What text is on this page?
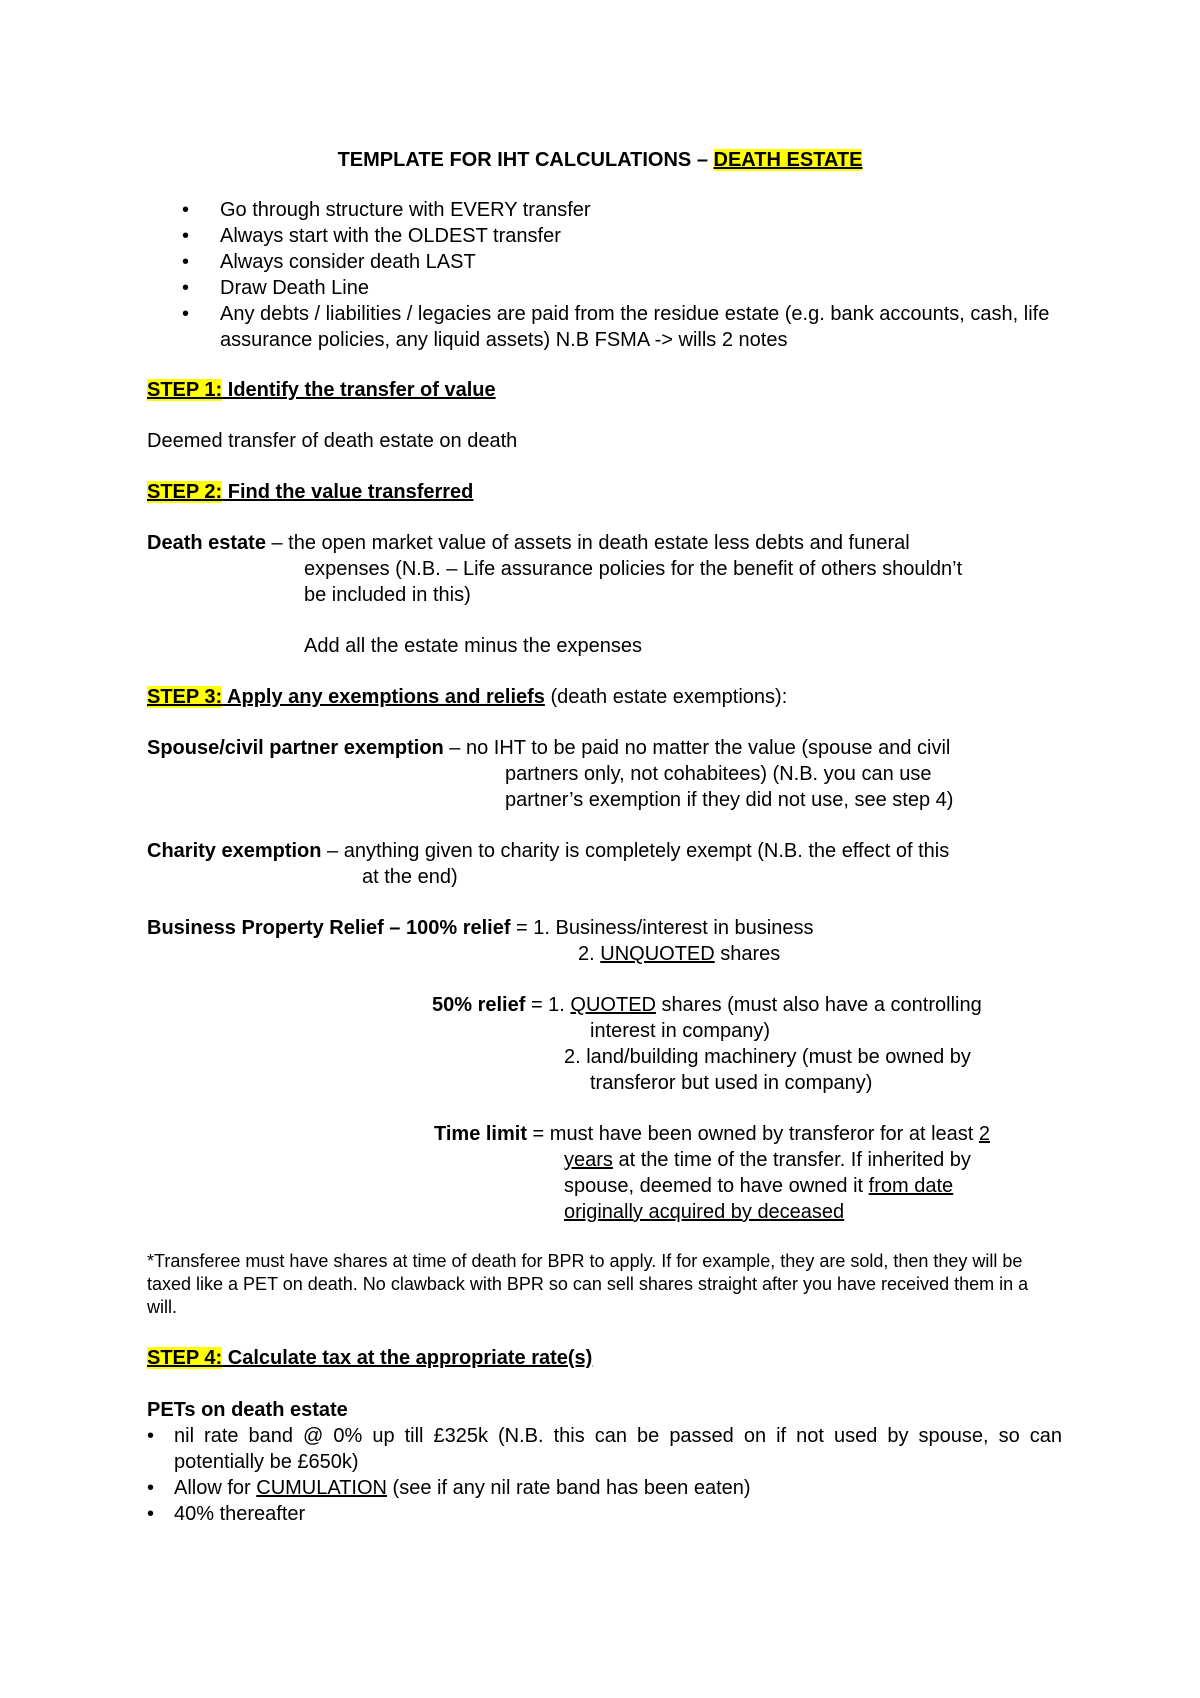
TEMPLATE FOR IHT CALCULATIONS – DEATH ESTATE
• Go through structure with EVERY transfer
• Always start with the OLDEST transfer
• Always consider death LAST
• Draw Death Line
• Any debts / liabilities / legacies are paid from the residue estate (e.g. bank accounts, cash, life assurance policies, any liquid assets) N.B FSMA -> wills 2 notes
STEP 1: Identify the transfer of value
Deemed transfer of death estate on death
STEP 2: Find the value transferred
Death estate – the open market value of assets in death estate less debts and funeral
expenses (N.B. – Life assurance policies for the benefit of others shouldn’t
be included in this)
Add all the estate minus the expenses
STEP 3: Apply any exemptions and reliefs (death estate exemptions):
Spouse/civil partner exemption – no IHT to be paid no matter the value (spouse and civil
partners only, not cohabitees) (N.B. you can use
partner’s exemption if they did not use, see step 4)
Charity exemption – anything given to charity is completely exempt (N.B. the effect of this
at the end)
Business Property Relief – 100% relief = 1. Business/interest in business
2. UNQUOTED shares
50% relief = 1. QUOTED shares (must also have a controlling
interest in company)
2. land/building machinery (must be owned by
transferor but used in company)
Time limit = must have been owned by transferor for at least 2
years at the time of the transfer. If inherited by
spouse, deemed to have owned it from date
originally acquired by deceased
*Transferee must have shares at time of death for BPR to apply. If for example, they are sold, then they will be taxed like a PET on death. No clawback with BPR so can sell shares straight after you have received them in a will.
STEP 4: Calculate tax at the appropriate rate(s)
PETs on death estate
• nil rate band @ 0% up till £325k (N.B. this can be passed on if not used by spouse, so can potentially be £650k)
• Allow for CUMULATION (see if any nil rate band has been eaten)
• 40% thereafter
